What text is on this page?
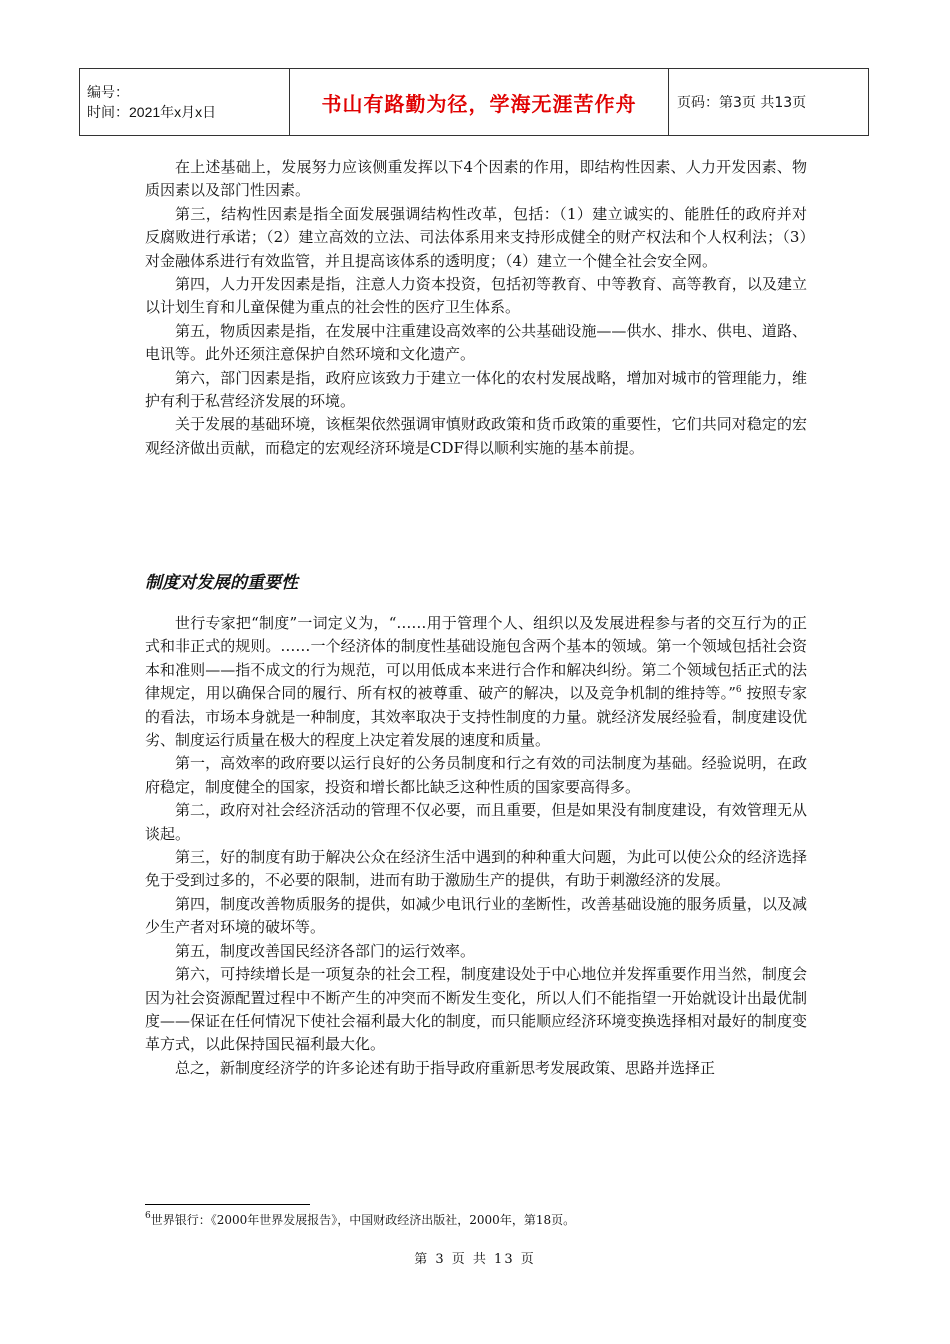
编号：
时间：2021年x月x日	书山有路勤为径，学海无涯苦作舟	页码：第3页 共13页

在上述基础上，发展努力应该侧重发挥以下4个因素的作用，即结构性因素、人力开发因素、物质因素以及部门性因素。

第三，结构性因素是指全面发展强调结构性改革，包括：（1）建立诚实的、能胜任的政府并对反腐败进行承诺；（2）建立高效的立法、司法体系用来支持形成健全的财产权法和个人权利法；（3）对金融体系进行有效监管，并且提高该体系的透明度；（4）建立一个健全社会安全网。

第四，人力开发因素是指，注意人力资本投资，包括初等教育、中等教育、高等教育，以及建立以计划生育和儿童保健为重点的社会性的医疗卫生体系。

第五，物质因素是指，在发展中注重建设高效率的公共基础设施——供水、排水、供电、道路、电讯等。此外还须注意保护自然环境和文化遗产。

第六，部门因素是指，政府应该致力于建立一体化的农村发展战略，增加对城市的管理能力，维护有利于私营经济发展的环境。

关于发展的基础环境，该框架依然强调审慎财政政策和货币政策的重要性，它们共同对稳定的宏观经济做出贡献，而稳定的宏观经济环境是CDF得以顺利实施的基本前提。

制度对发展的重要性

世行专家把“制度”一词定义为，“……用于管理个人、组织以及发展进程参与者的交互行为的正式和非正式的规则。……一个经济体的制度性基础设施包含两个基本的领域。第一个领域包括社会资本和准则——指不成文的行为规范，可以用低成本来进行合作和解决纠纷。第二个领域包括正式的法律规定，用以确保合同的履行、所有权的被尊重、破产的解决，以及竞争机制的维持等。”$^6$ 按照专家的看法，市场本身就是一种制度，其效率取决于支持性制度的力量。就经济发展经验看，制度建设优劣、制度运行质量在极大的程度上决定着发展的速度和质量。

第一，高效率的政府要以运行良好的公务员制度和行之有效的司法制度为基础。经验说明，在政府稳定，制度健全的国家，投资和增长都比缺乏这种性质的国家要高得多。

第二，政府对社会经济活动的管理不仅必要，而且重要，但是如果没有制度建设，有效管理无从谈起。

第三，好的制度有助于解决公众在经济生活中遇到的种种重大问题，为此可以使公众的经济选择免于受到过多的，不必要的限制，进而有助于激励生产的提供，有助于刺激经济的发展。

第四，制度改善物质服务的提供，如减少电讯行业的垄断性，改善基础设施的服务质量，以及减少生产者对环境的破坏等。

第五，制度改善国民经济各部门的运行效率。

第六，可持续增长是一项复杂的社会工程，制度建设处于中心地位并发挥重要作用当然，制度会因为社会资源配置过程中不断产生的冲突而不断发生变化，所以人们不能指望一开始就设计出最优制度——保证在任何情况下使社会福利最大化的制度，而只能顺应经济环境变换选择相对最好的制度变革方式，以此保持国民福利最大化。

总之，新制度经济学的许多论述有助于指导政府重新思考发展政策、思路并选择正

$^6$世界银行：《2000年世界发展报告》，中国财政经济出版社，2000年，第18页。
第 3 页 共 13 页
